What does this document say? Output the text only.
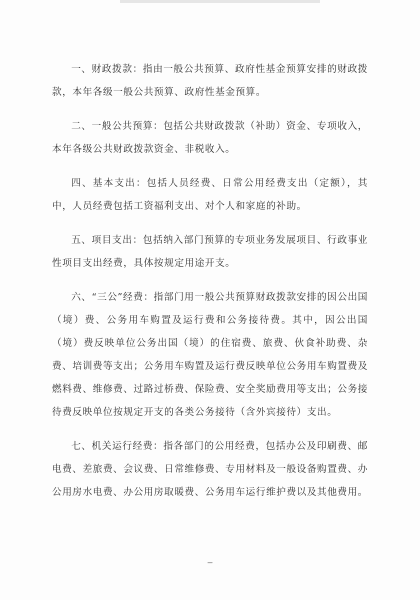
一、财政拨款：指由一般公共预算、政府性基金预算安排的财政拨款，本年各级一般公共预算、政府性基金预算。

二、一般公共预算：包括公共财政拨款（补助）资金、专项收入，本年各级公共财政拨款资金、非税收入。

四、基本支出：包括人员经费、日常公用经费支出（定额），其中，人员经费包括工资福利支出、对个人和家庭的补助。

五、项目支出：包括纳入部门预算的专项业务发展项目、行政事业性项目支出经费，具体按规定用途开支。

六、“三公”经费：指部门用一般公共预算财政拨款安排的因公出国（境）费、公务用车购置及运行费和公务接待费。其中，因公出国（境）费反映单位公务出国（境）的住宿费、旅费、伙食补助费、杂费、培训费等支出；公务用车购置及运行费反映单位公务用车购置费及燃料费、维修费、过路过桥费、保险费、安全奖励费用等支出；公务接待费反映单位按规定开支的各类公务接待（含外宾接待）支出。

七、机关运行经费：指各部门的公用经费，包括办公及印刷费、邮电费、差旅费、会议费、日常维修费、专用材料及一般设备购置费、办公用房水电费、办公用房取暖费、公务用车运行维护费以及其他费用。

—
